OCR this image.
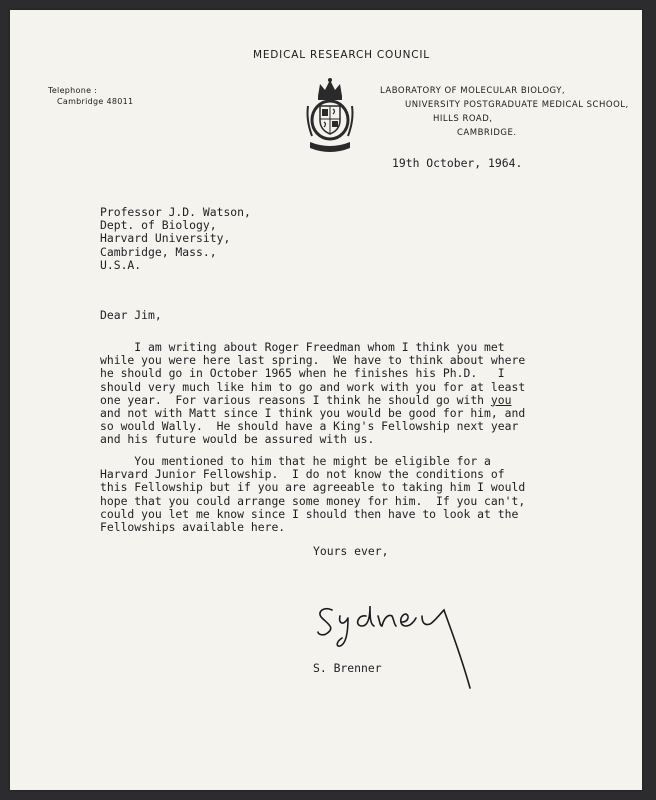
MEDICAL RESEARCH COUNCIL
Telephone :
Cambridge 48011
LABORATORY OF MOLECULAR BIOLOGY,
UNIVERSITY POSTGRADUATE MEDICAL SCHOOL,
HILLS ROAD,
CAMBRIDGE.
19th October, 1964.
Professor J.D. Watson,
Dept. of Biology,
Harvard University,
Cambridge, Mass.,
U.S.A.
Dear Jim,
I am writing about Roger Freedman whom I think you met
while you were here last spring.  We have to think about where
he should go in October 1965 when he finishes his Ph.D.   I
should very much like him to go and work with you for at least
one year.  For various reasons I think he should go with you
and not with Matt since I think you would be good for him, and
so would Wally.  He should have a King's Fellowship next year
and his future would be assured with us.
You mentioned to him that he might be eligible for a
Harvard Junior Fellowship.  I do not know the conditions of
this Fellowship but if you are agreeable to taking him I would
hope that you could arrange some money for him.  If you can't,
could you let me know since I should then have to look at the
Fellowships available here.
Yours ever,
S. Brenner
